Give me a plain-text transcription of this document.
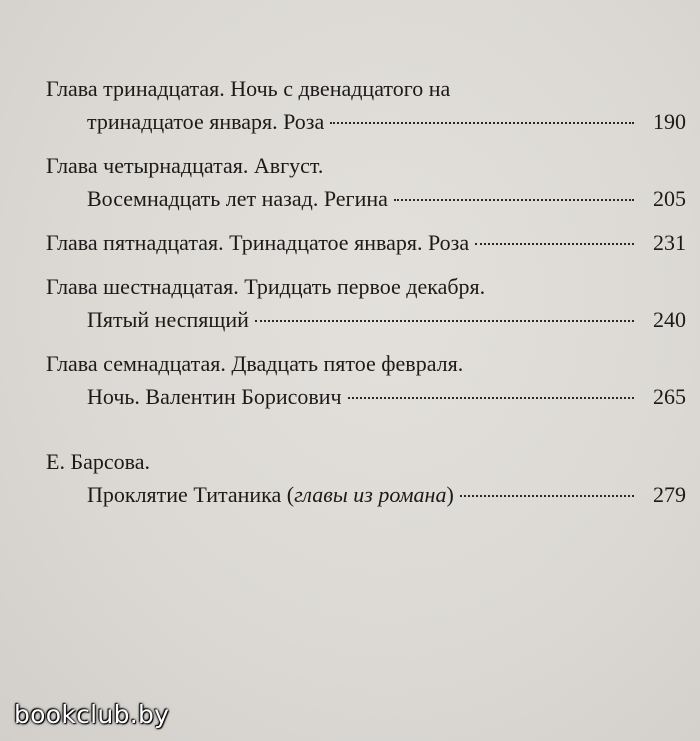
Глава тринадцатая. Ночь с двенадцатого на
тринадцатое января. Роза	190
Глава четырнадцатая. Август.
Восемнадцать лет назад. Регина	205
Глава пятнадцатая. Тринадцатое января. Роза	231
Глава шестнадцатая. Тридцать первое декабря.
Пятый неспящий	240
Глава семнадцатая. Двадцать пятое февраля.
Ночь. Валентин Борисович	265
Е. Барсова.
Проклятие Титаника (главы из романа)	279
bookclub.by
